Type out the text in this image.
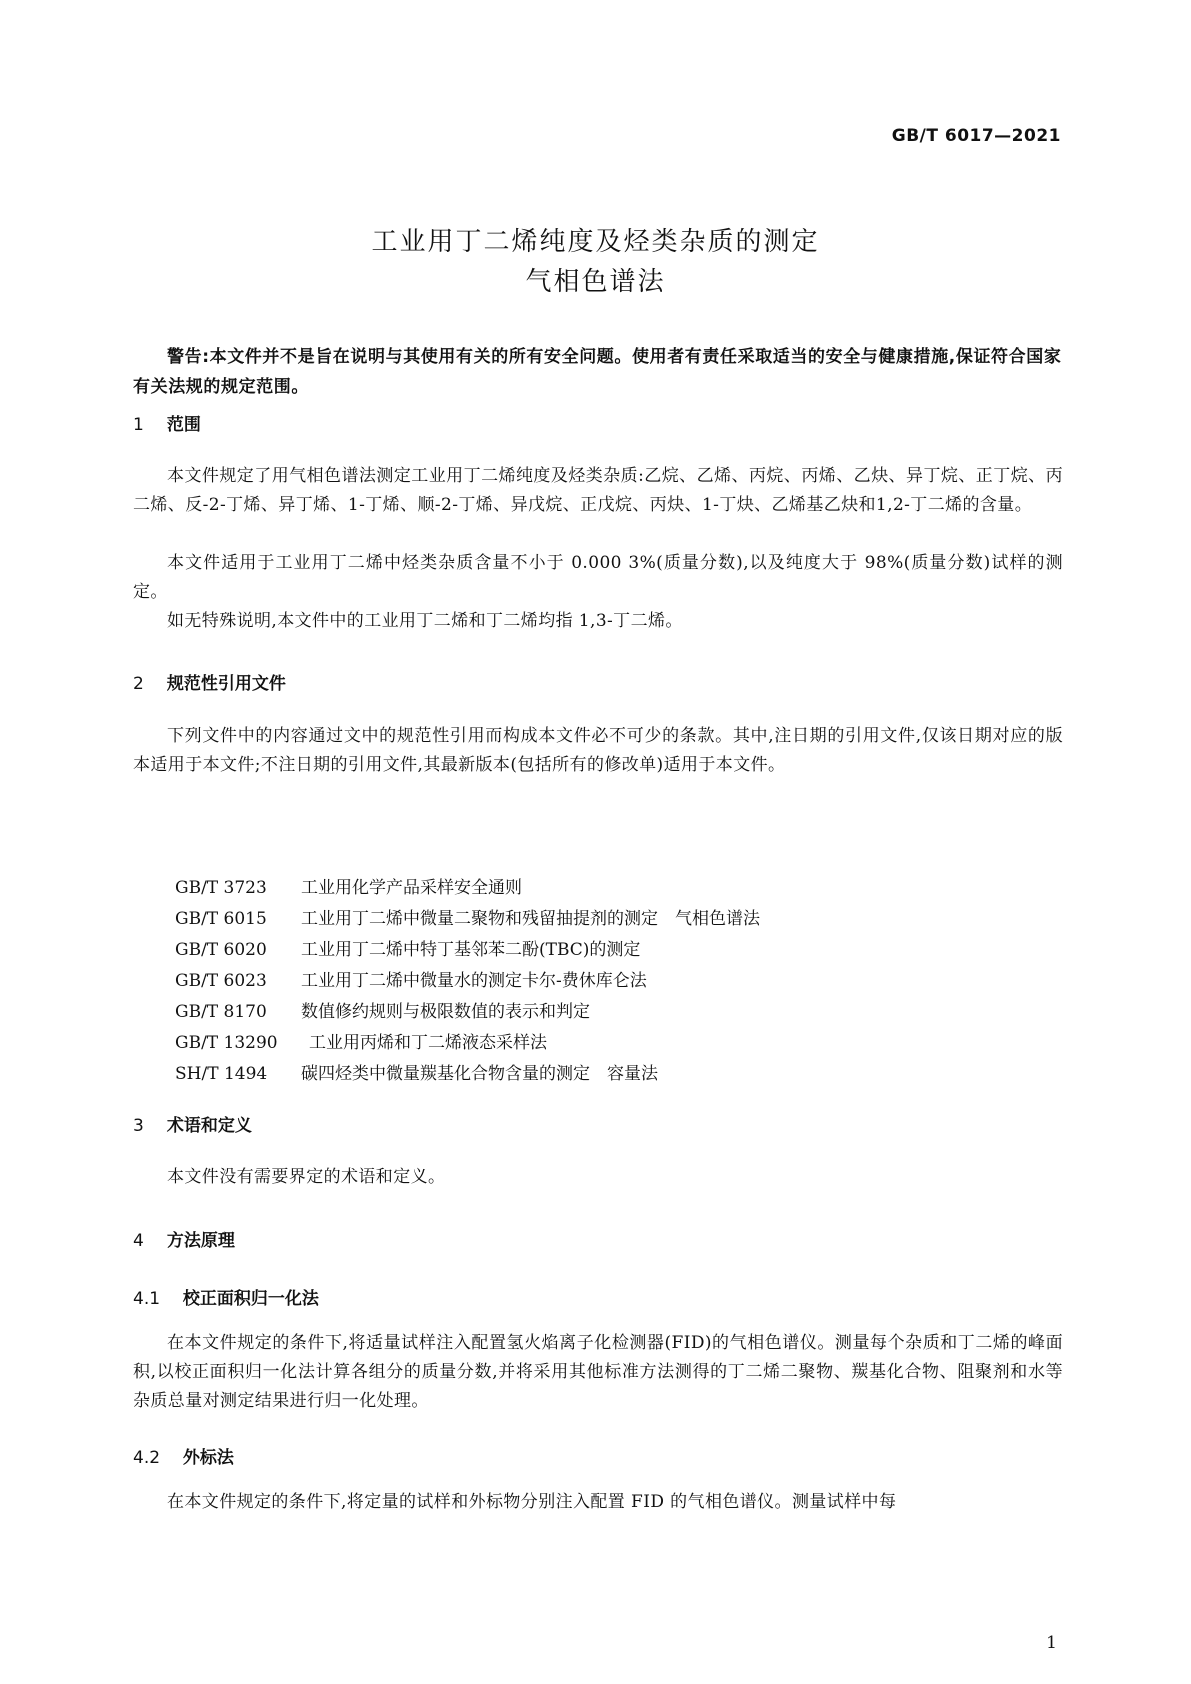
GB/T 6017—2021
工业用丁二烯纯度及烃类杂质的测定
气相色谱法
警告:本文件并不是旨在说明与其使用有关的所有安全问题。使用者有责任采取适当的安全与健康措施,保证符合国家有关法规的规定范围。
1 范围
本文件规定了用气相色谱法测定工业用丁二烯纯度及烃类杂质:乙烷、乙烯、丙烷、丙烯、乙炔、异丁烷、正丁烷、丙二烯、反-2-丁烯、异丁烯、1-丁烯、顺-2-丁烯、异戊烷、正戊烷、丙炔、1-丁炔、乙烯基乙炔和1,2-丁二烯的含量。
本文件适用于工业用丁二烯中烃类杂质含量不小于 0.000 3%(质量分数),以及纯度大于 98%(质量分数)试样的测定。
如无特殊说明,本文件中的工业用丁二烯和丁二烯均指 1,3-丁二烯。
2 规范性引用文件
下列文件中的内容通过文中的规范性引用而构成本文件必不可少的条款。其中,注日期的引用文件,仅该日期对应的版本适用于本文件;不注日期的引用文件,其最新版本(包括所有的修改单)适用于本文件。
GB/T 3723 工业用化学产品采样安全通则
GB/T 6015 工业用丁二烯中微量二聚物和残留抽提剂的测定　气相色谱法
GB/T 6020 工业用丁二烯中特丁基邻苯二酚(TBC)的测定
GB/T 6023 工业用丁二烯中微量水的测定卡尔-费休库仑法
GB/T 8170 数值修约规则与极限数值的表示和判定
GB/T 13290 工业用丙烯和丁二烯液态采样法
SH/T 1494 碳四烃类中微量羰基化合物含量的测定　容量法
3 术语和定义
本文件没有需要界定的术语和定义。
4 方法原理
4.1 校正面积归一化法
在本文件规定的条件下,将适量试样注入配置氢火焰离子化检测器(FID)的气相色谱仪。测量每个杂质和丁二烯的峰面积,以校正面积归一化法计算各组分的质量分数,并将采用其他标准方法测得的丁二烯二聚物、羰基化合物、阻聚剂和水等杂质总量对测定结果进行归一化处理。
4.2 外标法
在本文件规定的条件下,将定量的试样和外标物分别注入配置 FID 的气相色谱仪。测量试样中每
1
